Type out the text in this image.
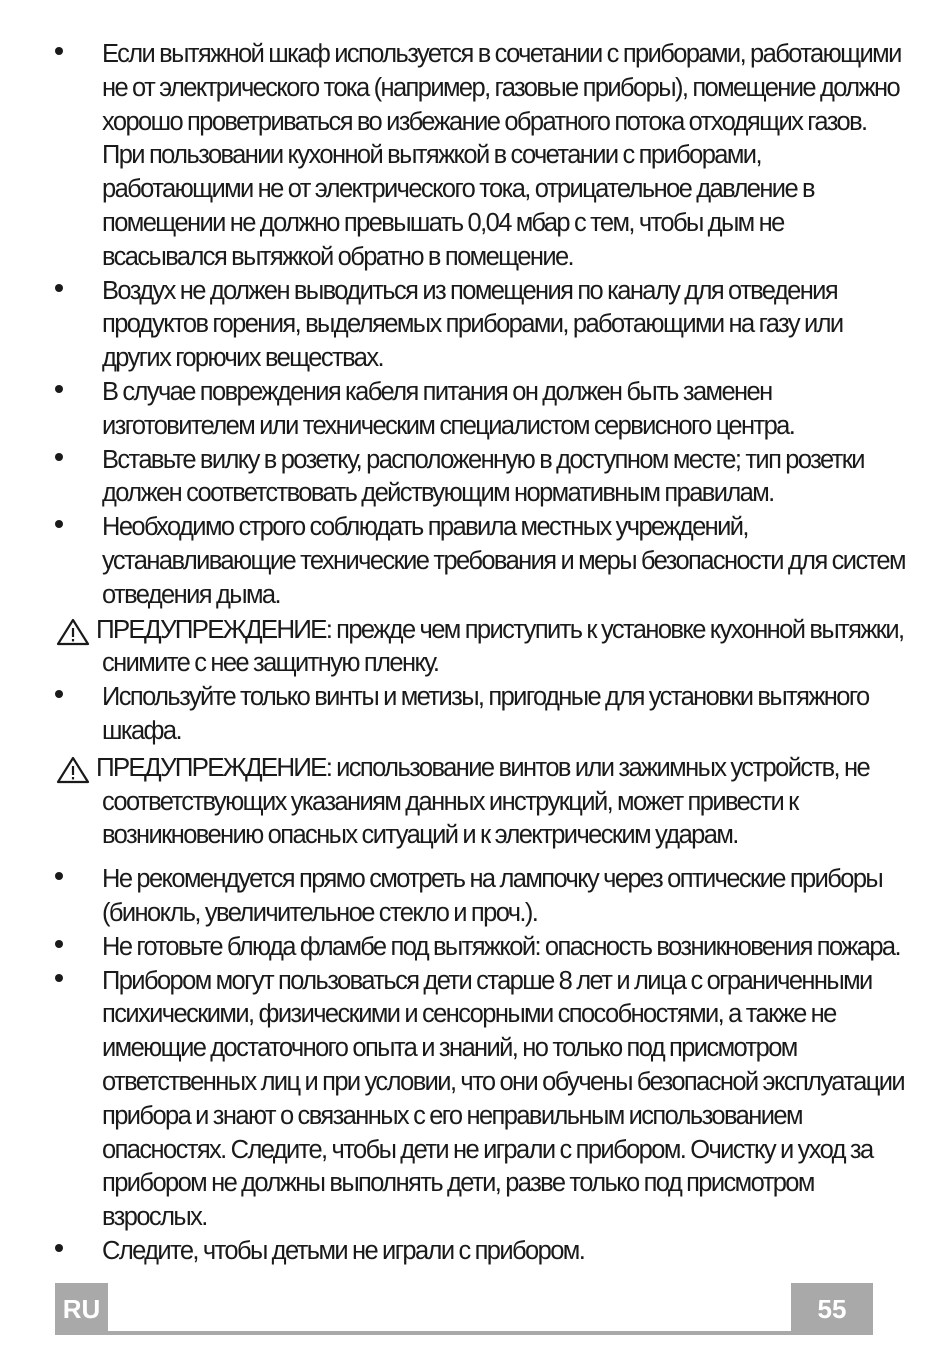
Если вытяжной шкаф используется в сочетании с приборами, работающими не от электрического тока (например, газовые приборы), помещение должно хорошо проветриваться во избежание обратного потока отходящих газов. При пользовании кухонной вытяжкой в сочетании с приборами, работающими не от электрического тока, отрицательное давление в помещении не должно превышать 0,04 мбар с тем, чтобы дым не всасывался вытяжкой обратно в помещение.
Воздух не должен выводиться из помещения по каналу для отведения продуктов горения, выделяемых приборами, работающими на газу или других горючих веществах.
В случае повреждения кабеля питания он должен быть заменен изготовителем или техническим специалистом сервисного центра.
Вставьте вилку в розетку, расположенную в доступном месте; тип розетки должен соответствовать действующим нормативным правилам.
Необходимо строго соблюдать правила местных учреждений, устанавливающие технические требования и меры безопасности для систем отведения дыма.
ПРЕДУПРЕЖДЕНИЕ: прежде чем приступить к установке кухонной вытяжки, снимите с нее защитную пленку.
Используйте только винты и метизы, пригодные для установки вытяжного шкафа.
ПРЕДУПРЕЖДЕНИЕ: использование винтов или зажимных устройств, не соответствующих указаниям данных инструкций, может привести к возникновению опасных ситуаций и к электрическим ударам.
Не рекомендуется прямо смотреть на лампочку через оптические приборы (бинокль, увеличительное стекло и проч.).
Не готовьте блюда фламбе под вытяжкой: опасность возникновения пожара.
Прибором могут пользоваться дети старше 8 лет и лица с ограниченными психическими, физическими и сенсорными способностями, а также не имеющие достаточного опыта и знаний, но только под присмотром ответственных лиц и при условии, что они обучены безопасной эксплуатации прибора и знают о связанных с его неправильным использованием опасностях. Следите, чтобы дети не играли с прибором. Очистку и уход за прибором не должны выполнять дети, разве только под присмотром взрослых.
Следите, чтобы детьми не играли с прибором.
RU	55
